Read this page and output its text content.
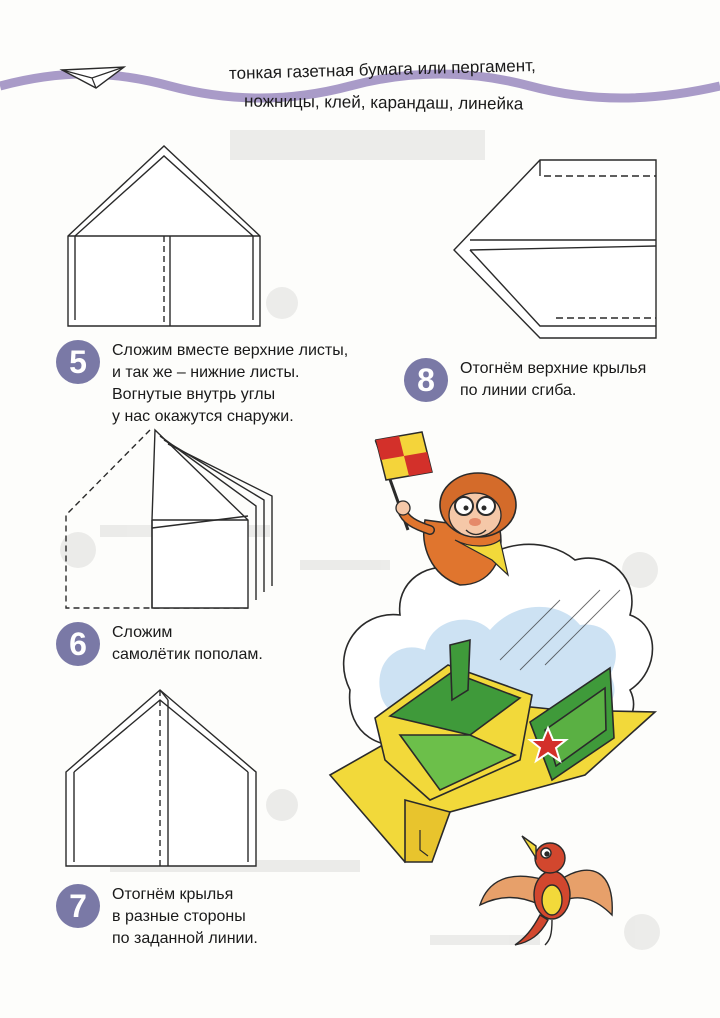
тонкая газетная бумага или пергамент,
ножницы, клей, карандаш, линейка
5	Сложим вместе верхние листы,
и так же – нижние листы.
Вогнутые внутрь углы
у нас окажутся снаружи.
6	Сложим
самолётик пополам.
7	Отогнём крылья
в разные стороны
по заданной линии.
8	Отогнём верхние крылья
по линии сгиба.
